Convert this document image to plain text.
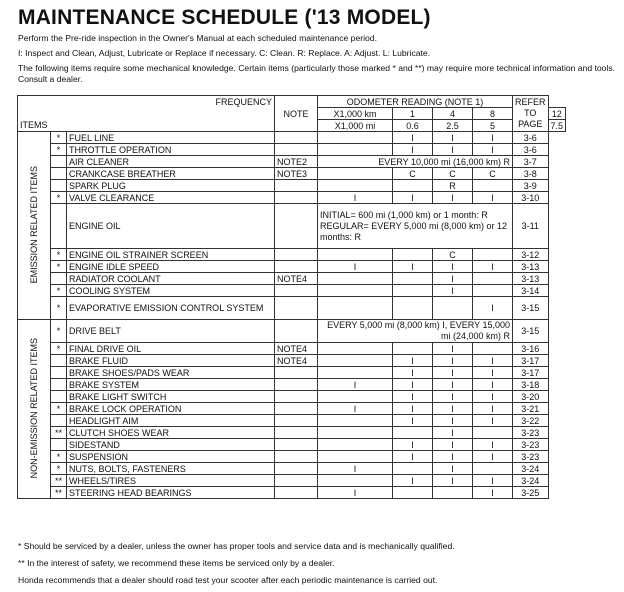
MAINTENANCE SCHEDULE ('13 MODEL)
Perform the Pre-ride inspection in the Owner's Manual at each scheduled maintenance period.
I: Inspect and Clean, Adjust, Lubricate or Replace if necessary. C: Clean. R: Replace. A: Adjust. L: Lubricate.
The following items require some mechanical knowledge. Certain items (particularly those marked * and **) may require more technical information and tools. Consult a dealer.
FREQUENCY			NOTE	ODOMETER READING (NOTE 1)				REFER TO PAGE	
				X1,000 km	1	4	8		12
ITEMS				X1,000 mi	0.6	2.5	5		7.5
EMISSION RELATED ITEMS	*	FUEL LINE			I	I	I	3-6	
	*	THROTTLE OPERATION			I	I	I	3-6	
		AIR CLEANER	NOTE2	EVERY 10,000 mi (16,000 km) R				3-7	
		CRANKCASE BREATHER	NOTE3		C	C	C	3-8	
		SPARK PLUG				R		3-9	
	*	VALVE CLEARANCE		I	I	I	I	3-10	
		ENGINE OIL		INITIAL= 600 mi (1,000 km) or 1 month: R REGULAR= EVERY 5,000 mi (8,000 km) or 12 months: R				3-11	
	*	ENGINE OIL STRAINER SCREEN				C		3-12	
	*	ENGINE IDLE SPEED		I	I	I	I	3-13	
		RADIATOR COOLANT	NOTE4			I		3-13	
	*	COOLING SYSTEM				I		3-14	
	*	EVAPORATIVE EMISSION CONTROL SYSTEM					I	3-15	
NON-EMISSION RELATED ITEMS	*	DRIVE BELT		EVERY 5,000 mi (8,000 km) I, EVERY 15,000 mi (24,000 km) R				3-15	
	*	FINAL DRIVE OIL	NOTE4			I		3-16	
		BRAKE FLUID	NOTE4		I	I	I	3-17	
		BRAKE SHOES/PADS WEAR			I	I	I	3-17	
		BRAKE SYSTEM		I	I	I	I	3-18	
		BRAKE LIGHT SWITCH			I	I	I	3-20	
	*	BRAKE LOCK OPERATION		I	I	I	I	3-21	
		HEADLIGHT AIM			I	I	I	3-22	
	**	CLUTCH SHOES WEAR				I		3-23	
		SIDESTAND			I	I	I	3-23	
	*	SUSPENSION			I	I	I	3-23	
	*	NUTS, BOLTS, FASTENERS		I		I		3-24	
	**	WHEELS/TIRES			I	I	I	3-24	
	**	STEERING HEAD BEARINGS		I			I	3-25	
* Should be serviced by a dealer, unless the owner has proper tools and service data and is mechanically qualified.
** In the interest of safety, we recommend these items be serviced only by a dealer.
Honda recommends that a dealer should road test your scooter after each periodic maintenance is carried out.
